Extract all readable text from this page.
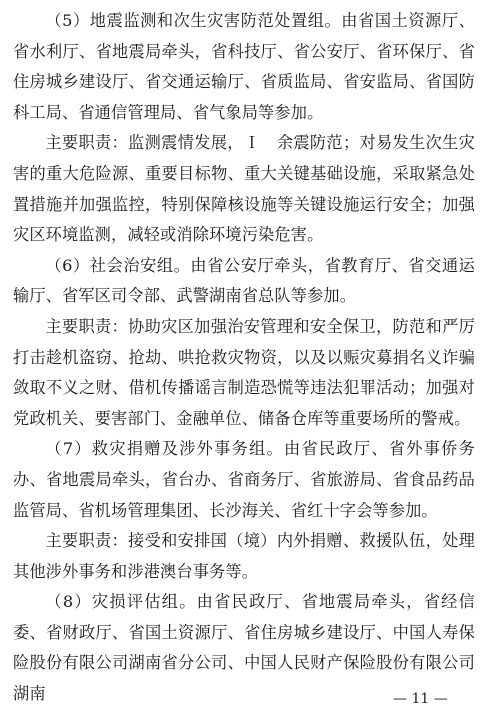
（5）地震监测和次生灾害防范处置组。由省国土资源厅、省水利厅、省地震局牵头，省科技厅、省公安厅、省环保厅、省住房城乡建设厅、省交通运输厅、省质监局、省安监局、省国防科工局、省通信管理局、省气象局等参加。

主要职责：监测震情发展，Ｉ　余震防范；对易发生次生灾害的重大危险源、重要目标物、重大关键基础设施，采取紧急处置措施并加强监控，特别保障核设施等关键设施运行安全；加强灾区环境监测，减轻或消除环境污染危害。

（6）社会治安组。由省公安厅牵头，省教育厅、省交通运输厅、省军区司令部、武警湖南省总队等参加。

主要职责：协助灾区加强治安管理和安全保卫，防范和严厉打击趁机盗窃、抢劫、哄抢救灾物资，以及以赈灾募捐名义诈骗敛取不义之财、借机传播谣言制造恐慌等违法犯罪活动；加强对党政机关、要害部门、金融单位、储备仓库等重要场所的警戒。

（7）救灾捐赠及涉外事务组。由省民政厅、省外事侨务办、省地震局牵头，省台办、省商务厅、省旅游局、省食品药品监管局、省机场管理集团、长沙海关、省红十字会等参加。

主要职责：接受和安排国（境）内外捐赠、救援队伍，处理其他涉外事务和涉港澳台事务等。

（8）灾损评估组。由省民政厅、省地震局牵头，省经信委、省财政厅、省国土资源厅、省住房城乡建设厅、中国人寿保险股份有限公司湖南省分公司、中国人民财产保险股份有限公司湖南	— 11 —
